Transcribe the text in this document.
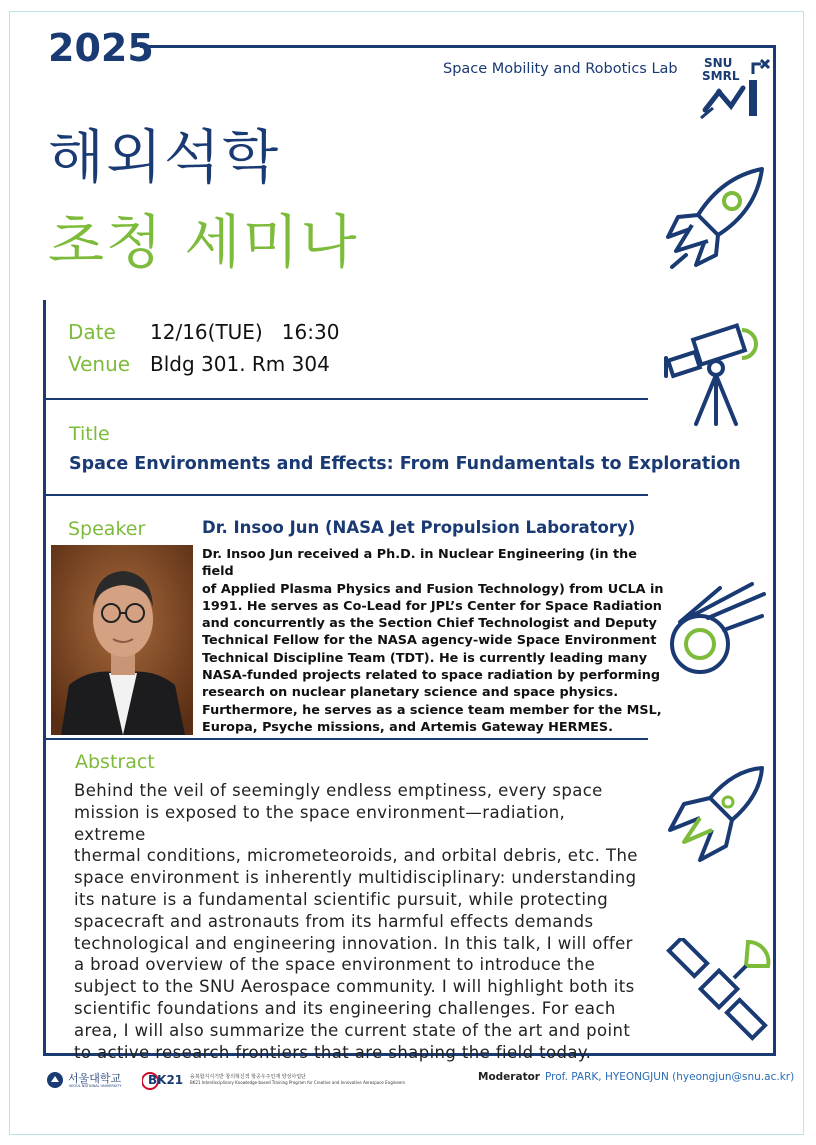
2025	Space Mobility and Robotics Lab SNU
SMRL
해외석학
초청 세미나
Date 12/16(TUE)   16:30
Venue Bldg 301. Rm 304
Title
Space Environments and Effects: From Fundamentals to Exploration
Speaker	Dr. Insoo Jun (NASA Jet Propulsion Laboratory)
Dr. Insoo Jun received a Ph.D. in Nuclear Engineering (in the field
of Applied Plasma Physics and Fusion Technology) from UCLA in
1991. He serves as Co-Lead for JPL’s Center for Space Radiation
and concurrently as the Section Chief Technologist and Deputy
Technical Fellow for the NASA agency-wide Space Environment
Technical Discipline Team (TDT). He is currently leading many
NASA-funded projects related to space radiation by performing
research on nuclear planetary science and space physics.
Furthermore, he serves as a science team member for the MSL,
Europa, Psyche missions, and Artemis Gateway HERMES.
Abstract
Behind the veil of seemingly endless emptiness, every space
mission is exposed to the space environment—radiation, extreme
thermal conditions, micrometeoroids, and orbital debris, etc. The
space environment is inherently multidisciplinary: understanding
its nature is a fundamental scientific pursuit, while protecting
spacecraft and astronauts from its harmful effects demands
technological and engineering innovation. In this talk, I will offer
a broad overview of the space environment to introduce the
subject to the SNU Aerospace community. I will highlight both its
scientific foundations and its engineering challenges. For each
area, I will also summarize the current state of the art and point
to active research frontiers that are shaping the field today.
서울대학교
SEOUL NATIONAL UNIVERSITY BK21 융복합지식기반 창의혁신적 항공우주인재 양성사업단
BK21 Interdisciplinary Knowledge-based Training Program for Creative and Innovative Aerospace Engineers	Moderator Prof. PARK, HYEONGJUN (hyeongjun@snu.ac.kr)
